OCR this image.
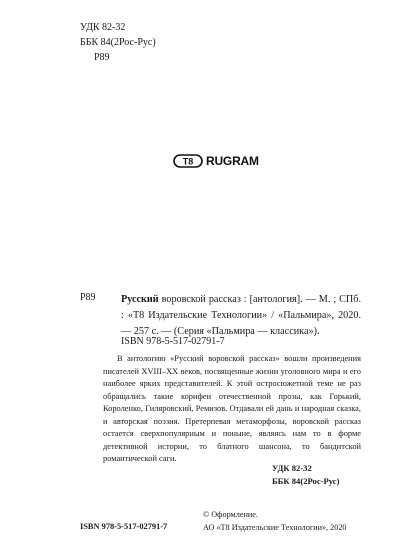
УДК 82-32
ББК 84(2Рос-Рус)
Р89
T8 RUGRAM
Р89 Русский воровской рассказ : [антология]. — М. ; СПб. : «Т8 Издательские Технологии» / «Пальмира», 2020. — 257 с. — (Серия «Пальмира — классика»).
ISBN 978-5-517-02791-7

В антологию «Русский воровской рассказ» вошли произведения писателей XVIII–XX веков, посвященные жизни уголовного мира и его наиболее ярких представителей. К этой остросюжетной теме не раз обращались такие корифеи отечественной прозы, как Горький, Короленко, Гиляровский, Ремизов. Отдавали ей дань и народная сказка, и авторская поэзия. Претерпевая метаморфозы, воровской рассказ остается сверхпопулярным и поныне, являясь нам то в форме детективной истории, то блатного шансона, то бандитской романтической саги.

УДК 82-32
ББК 84(2Рос-Рус)
ISBN 978-5-517-02791-7
© Оформление.
АО «Т8 Издательские Технологии», 2020
